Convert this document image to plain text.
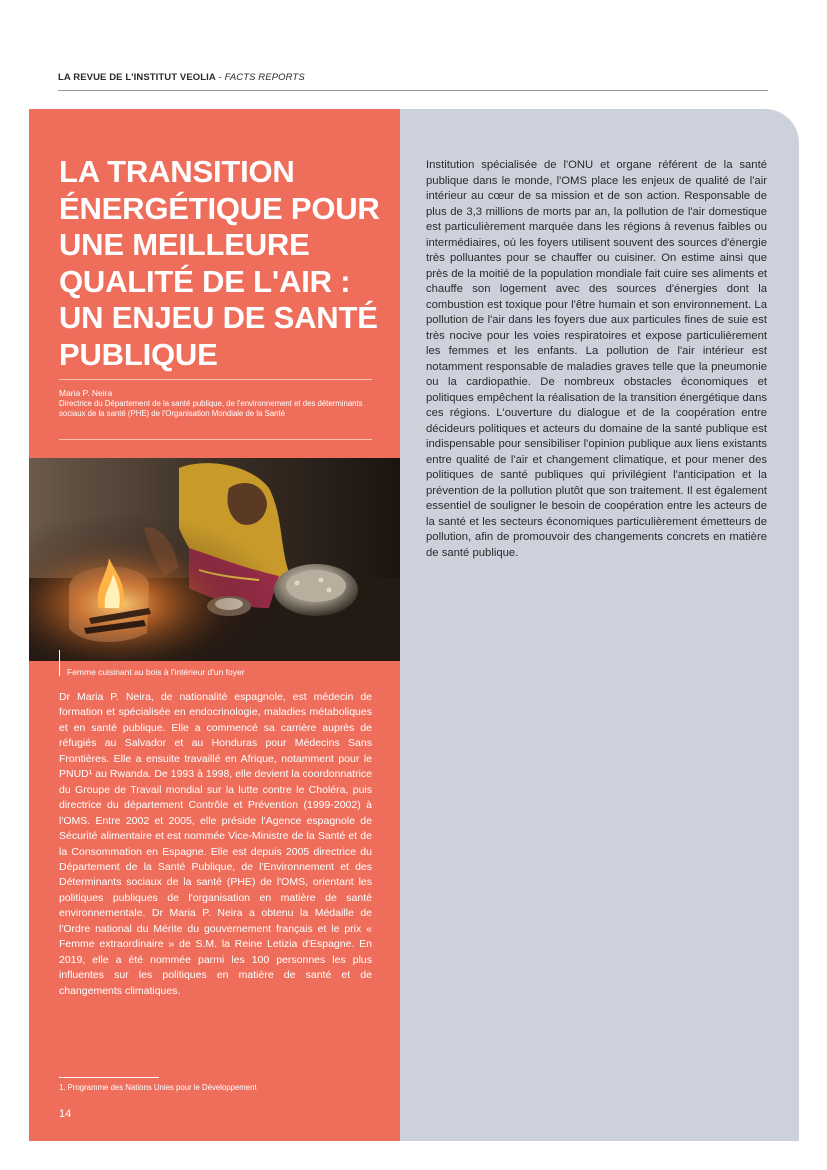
LA REVUE DE L'INSTITUT VEOLIA - FACTS REPORTS
LA TRANSITION ÉNERGÉTIQUE POUR UNE MEILLEURE QUALITÉ DE L'AIR : UN ENJEU DE SANTÉ PUBLIQUE
Maria P. Neira
Directrice du Département de la santé publique, de l'environnement et des déterminants sociaux de la santé (PHE) de l'Organisation Mondiale de la Santé
Femme cuisinant au bois à l'intérieur d'un foyer

Dr Maria P. Neira, de nationalité espagnole, est médecin de formation et spécialisée en endocrinologie, maladies métaboliques et en santé publique. Elle a commencé sa carrière auprès de réfugiés au Salvador et au Honduras pour Médecins Sans Frontières. Elle a ensuite travaillé en Afrique, notamment pour le PNUD¹ au Rwanda. De 1993 à 1998, elle devient la coordonnatrice du Groupe de Travail mondial sur la lutte contre le Choléra, puis directrice du département Contrôle et Prévention (1999-2002) à l'OMS. Entre 2002 et 2005, elle préside l'Agence espagnole de Sécurité alimentaire et est nommée Vice-Ministre de la Santé et de la Consommation en Espagne. Elle est depuis 2005 directrice du Département de la Santé Publique, de l'Environnement et des Déterminants sociaux de la santé (PHE) de l'OMS, orientant les politiques publiques de l'organisation en matière de santé environnementale. Dr Maria P. Neira a obtenu la Médaille de l'Ordre national du Mérite du gouvernement français et le prix « Femme extraordinaire » de S.M. la Reine Letizia d'Espagne. En 2019, elle a été nommée parmi les 100 personnes les plus influentes sur les politiques en matière de santé et de changements climatiques.

1. Programme des Nations Unies pour le Développement
14

Institution spécialisée de l'ONU et organe référent de la santé publique dans le monde, l'OMS place les enjeux de qualité de l'air intérieur au cœur de sa mission et de son action. Responsable de plus de 3,3 millions de morts par an, la pollution de l'air domestique est particulièrement marquée dans les régions à revenus faibles ou intermédiaires, où les foyers utilisent souvent des sources d'énergie très polluantes pour se chauffer ou cuisiner. On estime ainsi que près de la moitié de la population mondiale fait cuire ses aliments et chauffe son logement avec des sources d'énergies dont la combustion est toxique pour l'être humain et son environnement. La pollution de l'air dans les foyers due aux particules fines de suie est très nocive pour les voies respiratoires et expose particulièrement les femmes et les enfants. La pollution de l'air intérieur est notamment responsable de maladies graves telle que la pneumonie ou la cardiopathie. De nombreux obstacles économiques et politiques empêchent la réalisation de la transition énergétique dans ces régions. L'ouverture du dialogue et de la coopération entre décideurs politiques et acteurs du domaine de la santé publique est indispensable pour sensibiliser l'opinion publique aux liens existants entre qualité de l'air et changement climatique, et pour mener des politiques de santé publiques qui privilégient l'anticipation et la prévention de la pollution plutôt que son traitement. Il est également essentiel de souligner le besoin de coopération entre les acteurs de la santé et les secteurs économiques particulièrement émetteurs de pollution, afin de promouvoir des changements concrets en matière de santé publique.
